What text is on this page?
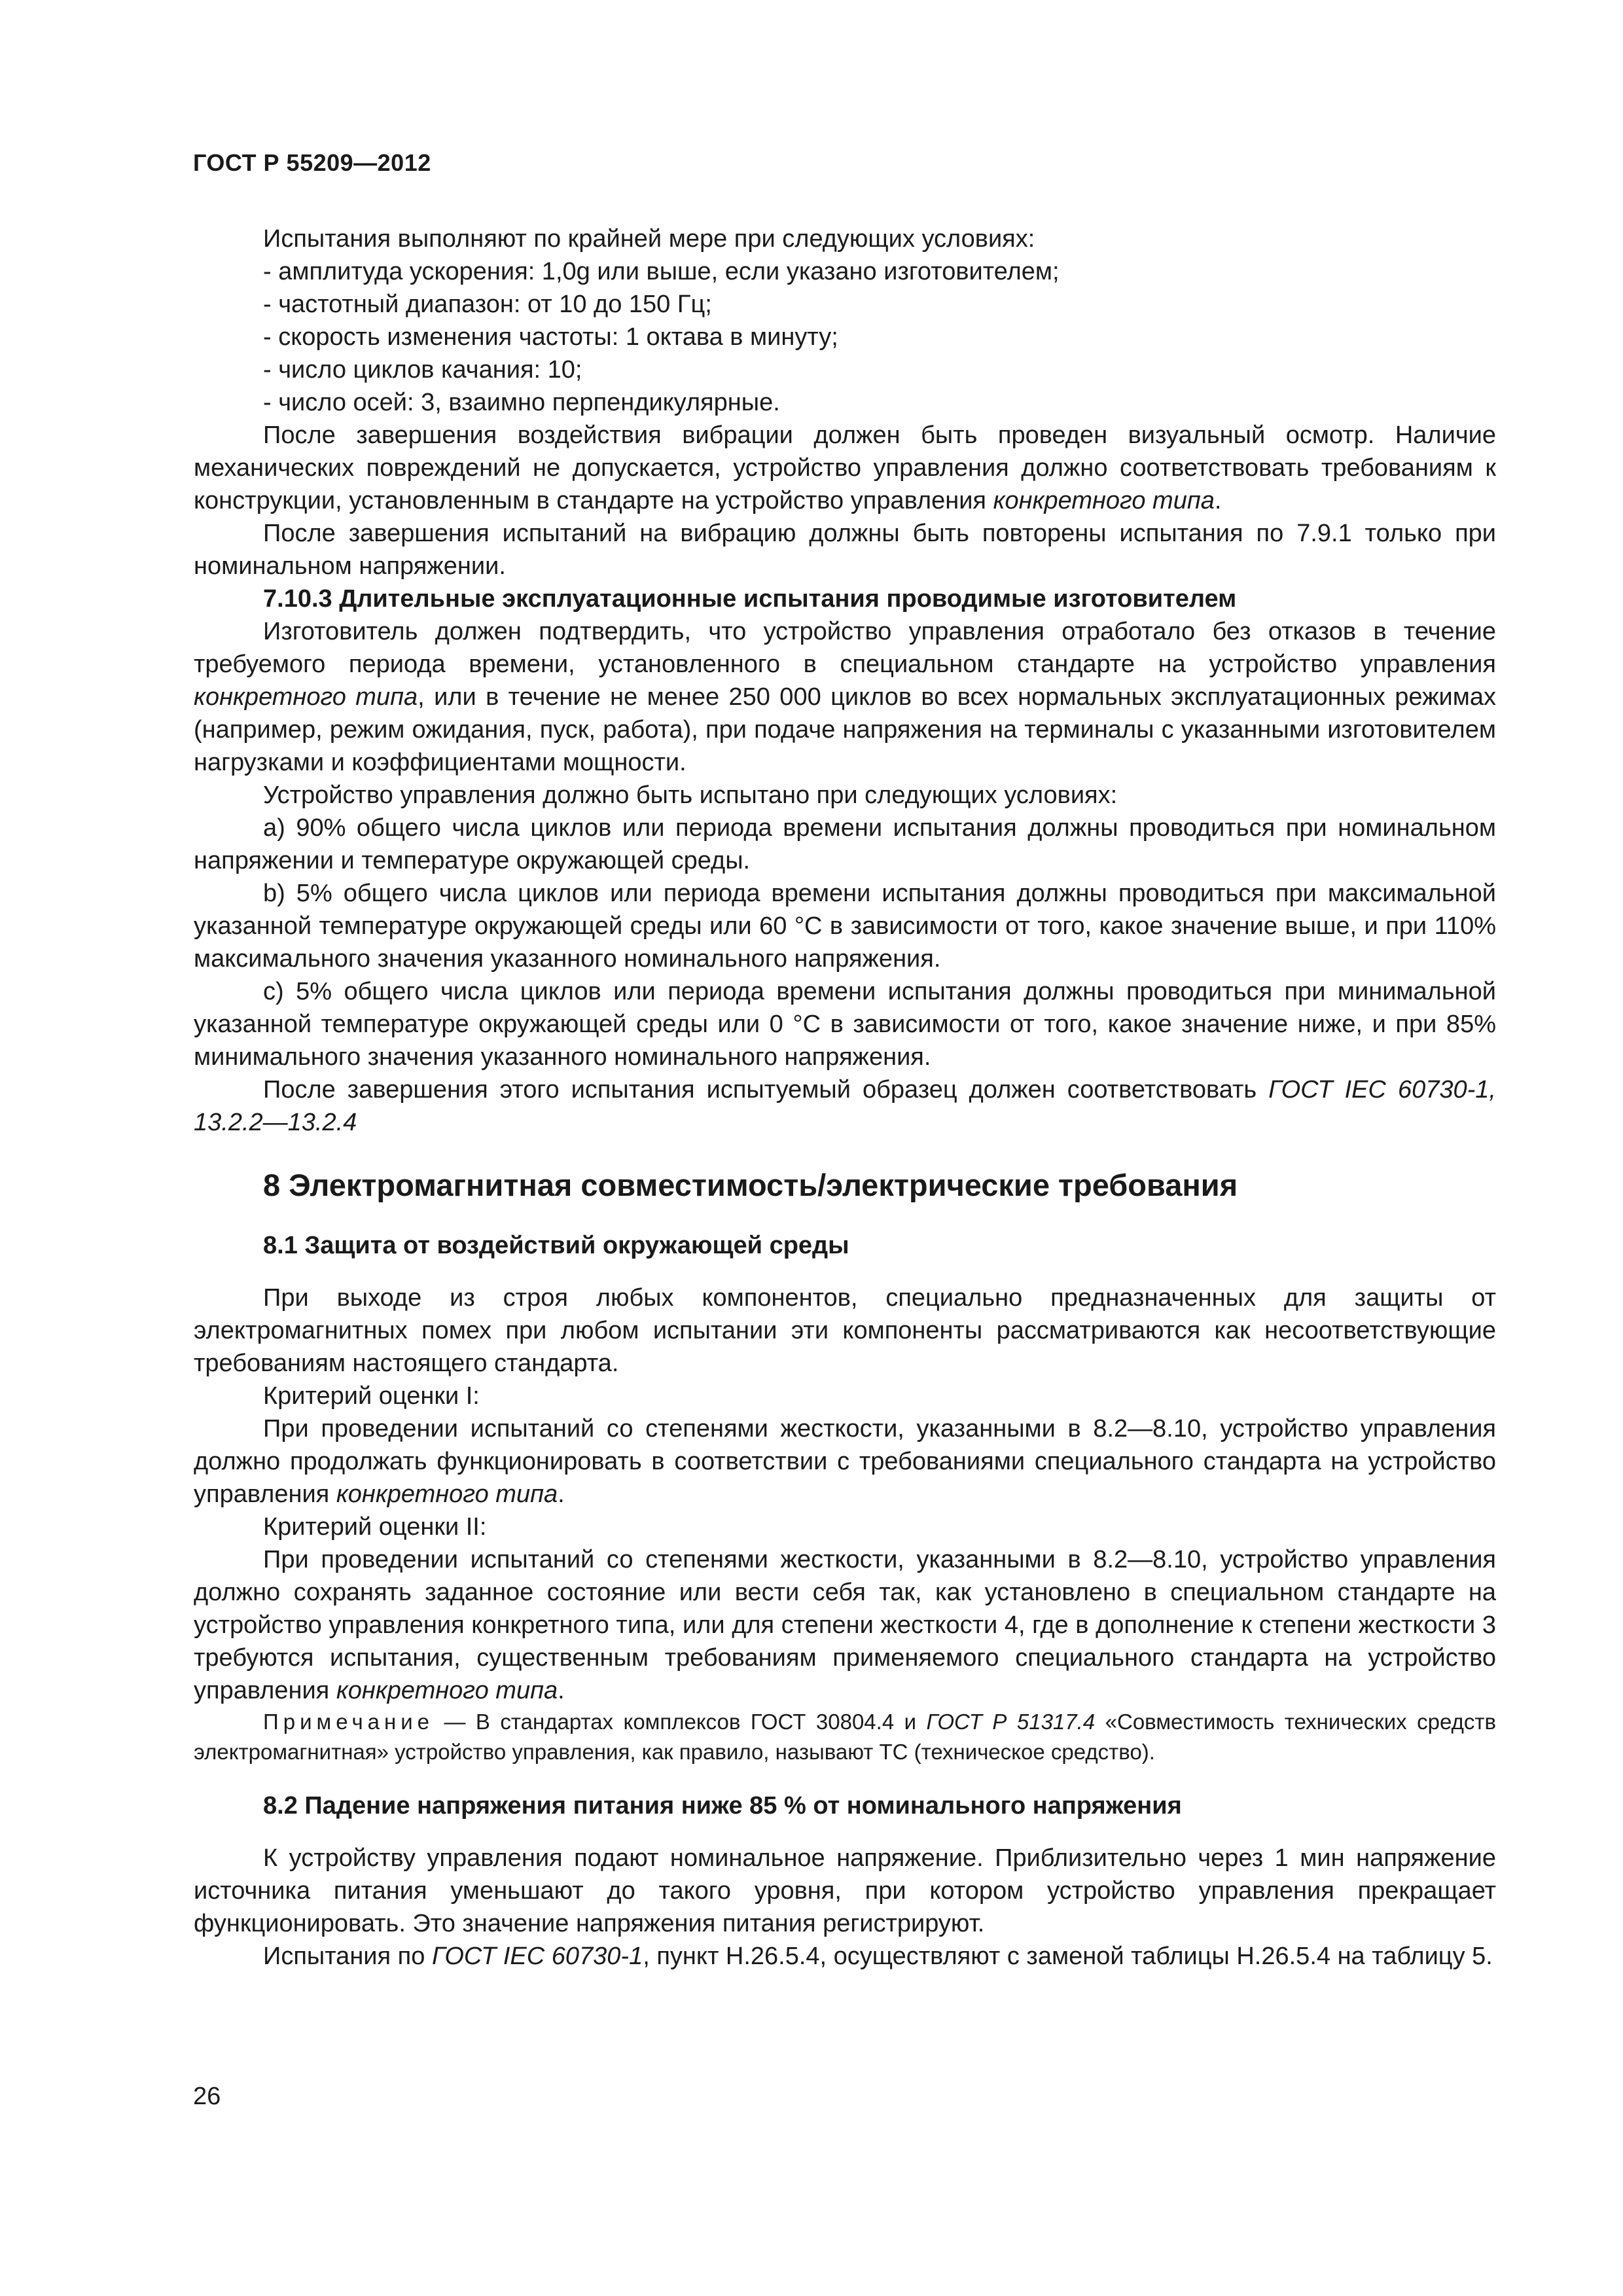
ГОСТ Р 55209—2012

Испытания выполняют по крайней мере при следующих условиях:

- амплитуда ускорения: 1,0g или выше, если указано изготовителем;

- частотный диапазон: от 10 до 150 Гц;

- скорость изменения частоты: 1 октава в минуту;

- число циклов качания: 10;

- число осей: 3, взаимно перпендикулярные.

После завершения воздействия вибрации должен быть проведен визуальный осмотр. Наличие механических повреждений не допускается, устройство управления должно соответствовать требованиям к конструкции, установленным в стандарте на устройство управления конкретного типа.

После завершения испытаний на вибрацию должны быть повторены испытания по 7.9.1 только при номинальном напряжении.

7.10.3 Длительные эксплуатационные испытания проводимые изготовителем

Изготовитель должен подтвердить, что устройство управления отработало без отказов в течение требуемого периода времени, установленного в специальном стандарте на устройство управления конкретного типа, или в течение не менее 250 000 циклов во всех нормальных эксплуатационных режимах (например, режим ожидания, пуск, работа), при подаче напряжения на терминалы с указанными изготовителем нагрузками и коэффициентами мощности.

Устройство управления должно быть испытано при следующих условиях:

а) 90% общего числа циклов или периода времени испытания должны проводиться при номинальном напряжении и температуре окружающей среды.

b) 5% общего числа циклов или периода времени испытания должны проводиться при максимальной указанной температуре окружающей среды или 60 °С в зависимости от того, какое значение выше, и при 110% максимального значения указанного номинального напряжения.

с) 5% общего числа циклов или периода времени испытания должны проводиться при минимальной указанной температуре окружающей среды или 0 °С в зависимости от того, какое значение ниже, и при 85% минимального значения указанного номинального напряжения.

После завершения этого испытания испытуемый образец должен соответствовать ГОСТ IEC 60730-1, 13.2.2—13.2.4

8 Электромагнитная совместимость/электрические требования
8.1 Защита от воздействий окружающей среды

При выходе из строя любых компонентов, специально предназначенных для защиты от электромагнитных помех при любом испытании эти компоненты рассматриваются как несоответствующие требованиям настоящего стандарта.

Критерий оценки I:

При проведении испытаний со степенями жесткости, указанными в 8.2—8.10, устройство управления должно продолжать функционировать в соответствии с требованиями специального стандарта на устройство управления конкретного типа.

Критерий оценки II:

При проведении испытаний со степенями жесткости, указанными в 8.2—8.10, устройство управления должно сохранять заданное состояние или вести себя так, как установлено в специальном стандарте на устройство управления конкретного типа, или для степени жесткости 4, где в дополнение к степени жесткости 3 требуются испытания, существенным требованиям применяемого специального стандарта на устройство управления конкретного типа.

Примечание — В стандартах комплексов ГОСТ 30804.4 и ГОСТ Р 51317.4 «Совместимость технических средств электромагнитная» устройство управления, как правило, называют ТС (техническое средство).

8.2 Падение напряжения питания ниже 85 % от номинального напряжения

К устройству управления подают номинальное напряжение. Приблизительно через 1 мин напряжение источника питания уменьшают до такого уровня, при котором устройство управления прекращает функционировать. Это значение напряжения питания регистрируют.

Испытания по ГОСТ IEC 60730-1, пункт Н.26.5.4, осуществляют с заменой таблицы Н.26.5.4 на таблицу 5.

26
